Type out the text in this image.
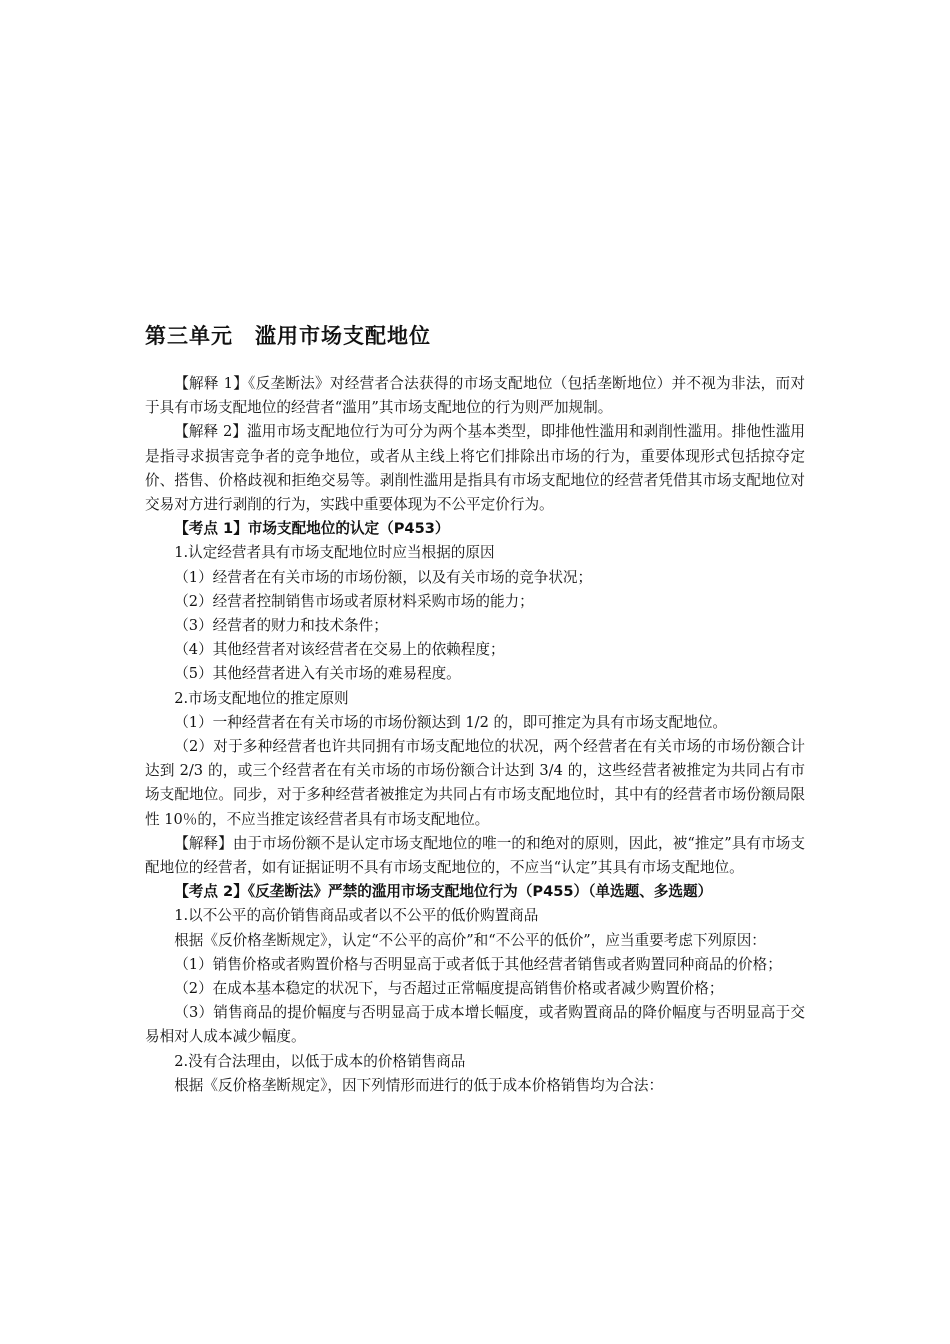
第三单元　滥用市场支配地位

【解释 1】《反垄断法》对经营者合法获得的市场支配地位（包括垄断地位）并不视为非法，而对于具有市场支配地位的经营者“滥用”其市场支配地位的行为则严加规制。

【解释 2】滥用市场支配地位行为可分为两个基本类型，即排他性滥用和剥削性滥用。排他性滥用是指寻求损害竞争者的竞争地位，或者从主线上将它们排除出市场的行为，重要体现形式包括掠夺定价、搭售、价格歧视和拒绝交易等。剥削性滥用是指具有市场支配地位的经营者凭借其市场支配地位对交易对方进行剥削的行为，实践中重要体现为不公平定价行为。

【考点 1】市场支配地位的认定（P453）

1.认定经营者具有市场支配地位时应当根据的原因

（1）经营者在有关市场的市场份额，以及有关市场的竞争状况；

（2）经营者控制销售市场或者原材料采购市场的能力；

（3）经营者的财力和技术条件；

（4）其他经营者对该经营者在交易上的依赖程度；

（5）其他经营者进入有关市场的难易程度。

2.市场支配地位的推定原则

（1）一种经营者在有关市场的市场份额达到 1/2 的，即可推定为具有市场支配地位。

（2）对于多种经营者也许共同拥有市场支配地位的状况，两个经营者在有关市场的市场份额合计达到 2/3 的，或三个经营者在有关市场的市场份额合计达到 3/4 的，这些经营者被推定为共同占有市场支配地位。同步，对于多种经营者被推定为共同占有市场支配地位时，其中有的经营者市场份额局限性 10％的，不应当推定该经营者具有市场支配地位。

【解释】由于市场份额不是认定市场支配地位的唯一的和绝对的原则，因此，被“推定”具有市场支配地位的经营者，如有证据证明不具有市场支配地位的，不应当“认定”其具有市场支配地位。

【考点 2】《反垄断法》严禁的滥用市场支配地位行为（P455）（单选题、多选题）

1.以不公平的高价销售商品或者以不公平的低价购置商品

根据《反价格垄断规定》，认定“不公平的高价”和“不公平的低价”，应当重要考虑下列原因：

（1）销售价格或者购置价格与否明显高于或者低于其他经营者销售或者购置同种商品的价格；

（2）在成本基本稳定的状况下，与否超过正常幅度提高销售价格或者减少购置价格；

（3）销售商品的提价幅度与否明显高于成本增长幅度，或者购置商品的降价幅度与否明显高于交易相对人成本减少幅度。

2.没有合法理由，以低于成本的价格销售商品

根据《反价格垄断规定》，因下列情形而进行的低于成本价格销售均为合法：
